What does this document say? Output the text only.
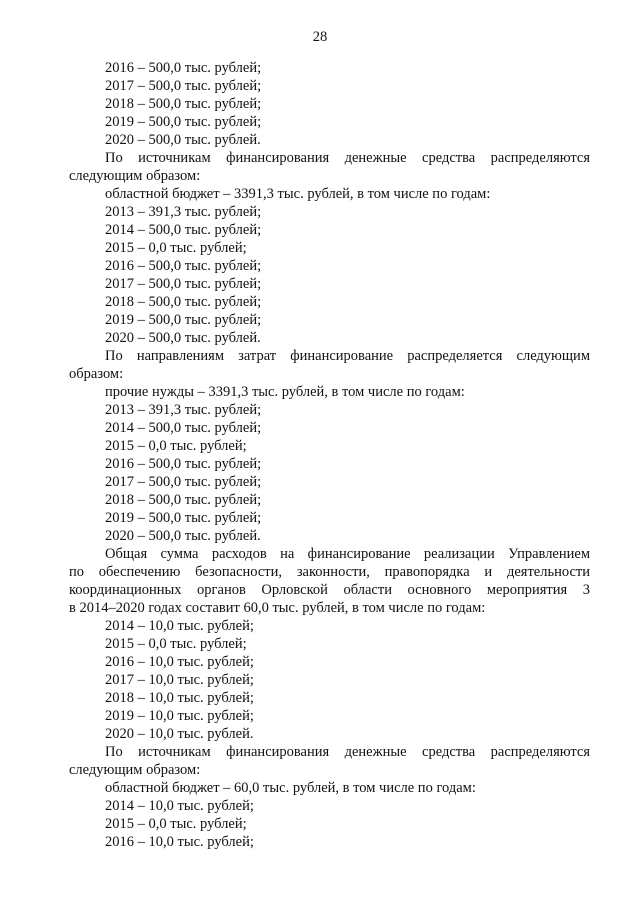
28
2016 – 500,0 тыс. рублей;
2017 – 500,0 тыс. рублей;
2018 – 500,0 тыс. рублей;
2019 – 500,0 тыс. рублей;
2020 – 500,0 тыс. рублей.
По источникам финансирования денежные средства распределяются
следующим образом:
областной бюджет – 3391,3 тыс. рублей, в том числе по годам:
2013 – 391,3 тыс. рублей;
2014 – 500,0 тыс. рублей;
2015 – 0,0 тыс. рублей;
2016 – 500,0 тыс. рублей;
2017 – 500,0 тыс. рублей;
2018 – 500,0 тыс. рублей;
2019 – 500,0 тыс. рублей;
2020 – 500,0 тыс. рублей.
По направлениям затрат финансирование распределяется следующим
образом:
прочие нужды – 3391,3 тыс. рублей, в том числе по годам:
2013 – 391,3 тыс. рублей;
2014 – 500,0 тыс. рублей;
2015 – 0,0 тыс. рублей;
2016 – 500,0 тыс. рублей;
2017 – 500,0 тыс. рублей;
2018 – 500,0 тыс. рублей;
2019 – 500,0 тыс. рублей;
2020 – 500,0 тыс. рублей.
Общая сумма расходов на финансирование реализации Управлением
по обеспечению безопасности, законности, правопорядка и деятельности
координационных органов Орловской области основного мероприятия 3
в 2014–2020 годах составит 60,0 тыс. рублей, в том числе по годам:
2014 – 10,0 тыс. рублей;
2015 – 0,0 тыс. рублей;
2016 – 10,0 тыс. рублей;
2017 – 10,0 тыс. рублей;
2018 – 10,0 тыс. рублей;
2019 – 10,0 тыс. рублей;
2020 – 10,0 тыс. рублей.
По источникам финансирования денежные средства распределяются
следующим образом:
областной бюджет – 60,0 тыс. рублей, в том числе по годам:
2014 – 10,0 тыс. рублей;
2015 – 0,0 тыс. рублей;
2016 – 10,0 тыс. рублей;
